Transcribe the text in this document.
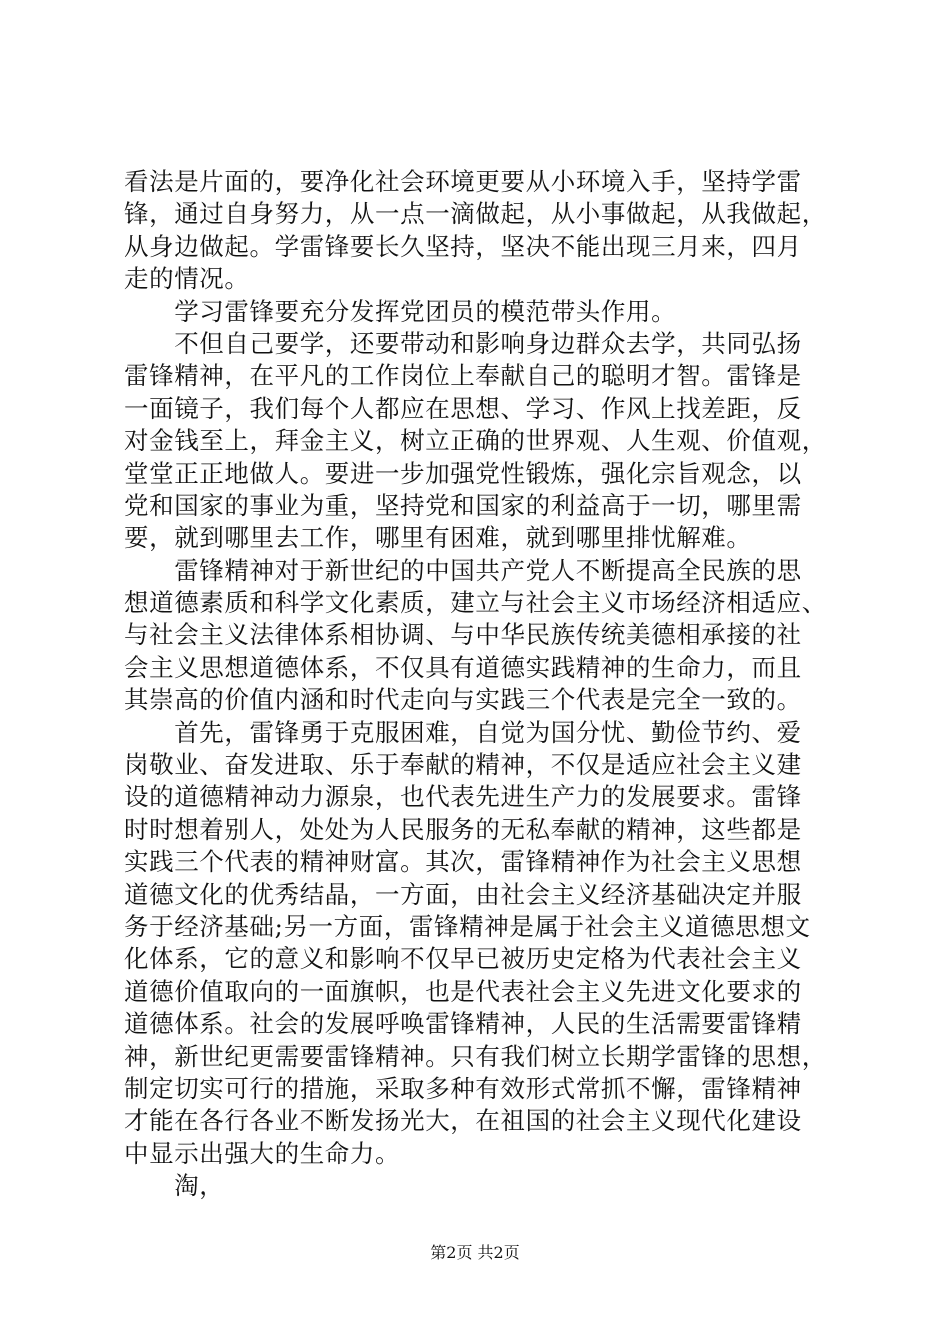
看法是片面的，要净化社会环境更要从小环境入手，坚持学雷
锋，通过自身努力，从一点一滴做起，从小事做起，从我做起，
从身边做起。学雷锋要长久坚持，坚决不能出现三月来，四月
走的情况。
　　学习雷锋要充分发挥党团员的模范带头作用。
　　不但自己要学，还要带动和影响身边群众去学，共同弘扬
雷锋精神，在平凡的工作岗位上奉献自己的聪明才智。雷锋是
一面镜子，我们每个人都应在思想、学习、作风上找差距，反
对金钱至上，拜金主义，树立正确的世界观、人生观、价值观，
堂堂正正地做人。要进一步加强党性锻炼，强化宗旨观念，以
党和国家的事业为重，坚持党和国家的利益高于一切，哪里需
要，就到哪里去工作，哪里有困难，就到哪里排忧解难。
　　雷锋精神对于新世纪的中国共产党人不断提高全民族的思
想道德素质和科学文化素质，建立与社会主义市场经济相适应、
与社会主义法律体系相协调、与中华民族传统美德相承接的社
会主义思想道德体系，不仅具有道德实践精神的生命力，而且
其崇高的价值内涵和时代走向与实践三个代表是完全一致的。
　　首先，雷锋勇于克服困难，自觉为国分忧、勤俭节约、爱
岗敬业、奋发进取、乐于奉献的精神，不仅是适应社会主义建
设的道德精神动力源泉，也代表先进生产力的发展要求。雷锋
时时想着别人，处处为人民服务的无私奉献的精神，这些都是
实践三个代表的精神财富。其次，雷锋精神作为社会主义思想
道德文化的优秀结晶，一方面，由社会主义经济基础决定并服
务于经济基础;另一方面，雷锋精神是属于社会主义道德思想文
化体系，它的意义和影响不仅早已被历史定格为代表社会主义
道德价值取向的一面旗帜，也是代表社会主义先进文化要求的
道德体系。社会的发展呼唤雷锋精神，人民的生活需要雷锋精
神，新世纪更需要雷锋精神。只有我们树立长期学雷锋的思想，
制定切实可行的措施，采取多种有效形式常抓不懈，雷锋精神
才能在各行各业不断发扬光大，在祖国的社会主义现代化建设
中显示出强大的生命力。
　　淘，
第2页 共2页
